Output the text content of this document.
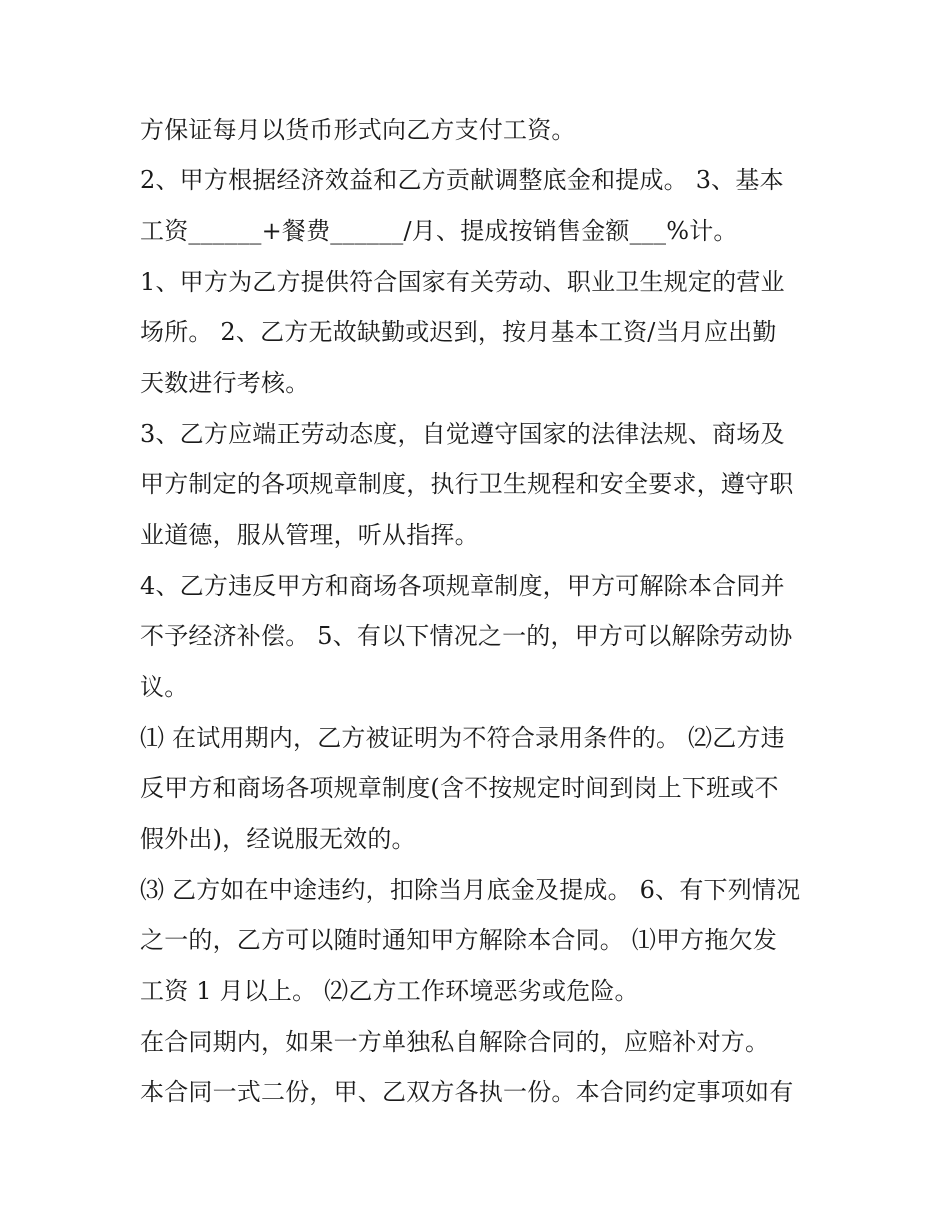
方保证每月以货币形式向乙方支付工资。
2、甲方根据经济效益和乙方贡献调整底金和提成。 3、基本
工资______+餐费______/月、提成按销售金额___%计。
1、甲方为乙方提供符合国家有关劳动、职业卫生规定的营业
场所。 2、乙方无故缺勤或迟到，按月基本工资/当月应出勤
天数进行考核。
3、乙方应端正劳动态度，自觉遵守国家的法律法规、商场及
甲方制定的各项规章制度，执行卫生规程和安全要求，遵守职
业道德，服从管理，听从指挥。
4、乙方违反甲方和商场各项规章制度，甲方可解除本合同并
不予经济补偿。 5、有以下情况之一的，甲方可以解除劳动协
议。
⑴ 在试用期内，乙方被证明为不符合录用条件的。 ⑵乙方违
反甲方和商场各项规章制度(含不按规定时间到岗上下班或不
假外出)，经说服无效的。
⑶ 乙方如在中途违约，扣除当月底金及提成。 6、有下列情况
之一的，乙方可以随时通知甲方解除本合同。 ⑴甲方拖欠发
工资 1 月以上。 ⑵乙方工作环境恶劣或危险。
在合同期内，如果一方单独私自解除合同的，应赔补对方。
本合同一式二份，甲、乙双方各执一份。本合同约定事项如有
